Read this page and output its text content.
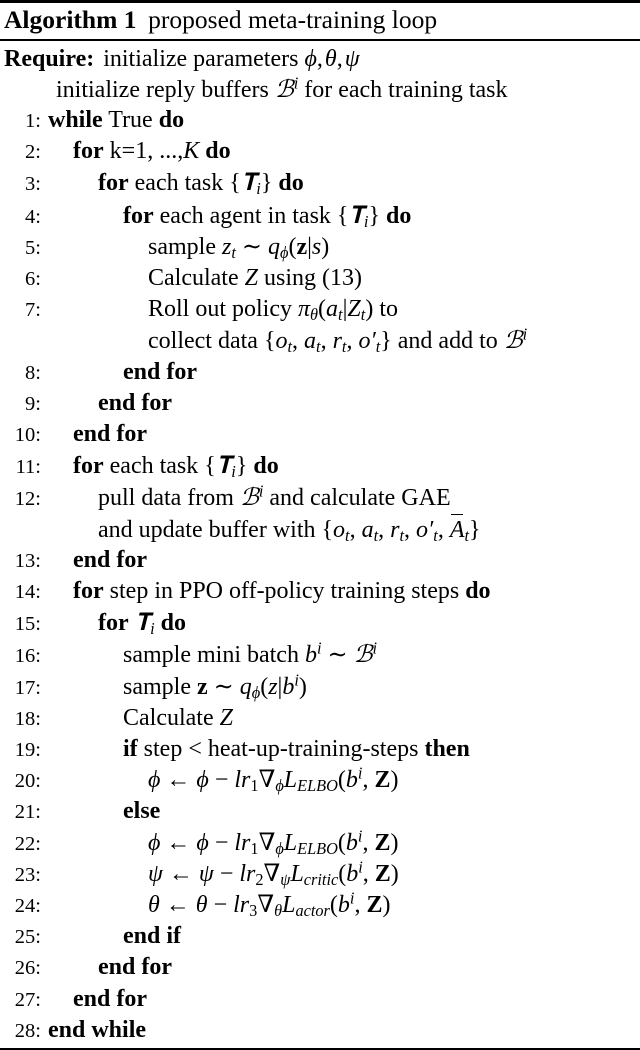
Algorithm 1 proposed meta-training loop
Require: initialize parameters ϕ, θ, ψ
initialize reply buffers ℬ$^i$ for each training task
1: while True do
2:	for k=1, ...,K do
3:	for each task {𝐓$_i$} do
4:	for each agent in task {𝐓$_i$} do
5:	sample $z_t$ ∼ $q_\phi(z|s)$
6:	Calculate Z using (13)
7:	Roll out policy $\pi_\theta(a_t|Z_t)$ to
collect data {$o_t$, $a_t$, $r_t$, $o'_t$} and add to ℬ$^i$
8:	end for
9:	end for
10:	end for
11:	for each task {𝐓$_i$} do
12:	pull data from ℬ$^i$ and calculate GAE
and update buffer with {$o_t$, $a_t$, $r_t$, $o'_t$, $A_t$}
13:	end for
14:	for step in PPO off-policy training steps do
15:	for 𝐓$_i$ do
16:	sample mini batch $b^i$ ∼ ℬ$^i$
17:	sample z ∼ $q_\phi(z|b^i)$
18:	Calculate Z
19:	if step < heat-up-training-steps then
20:	ϕ ← $\phi - lr_1\nabla_\phi L_{ELBO}(b^i$, Z)
21:	else
22:	ϕ ← $\phi - lr_1\nabla_\phi L_{ELBO}(b^i$, Z)
23:	ψ ← $\psi - lr_2\nabla_\psi L_{critic}(b^i$, Z)
24:	θ ← $\theta - lr_3\nabla_\theta L_{actor}(b^i$, Z)
25:	end if
26:	end for
27:	end for
28: end while
